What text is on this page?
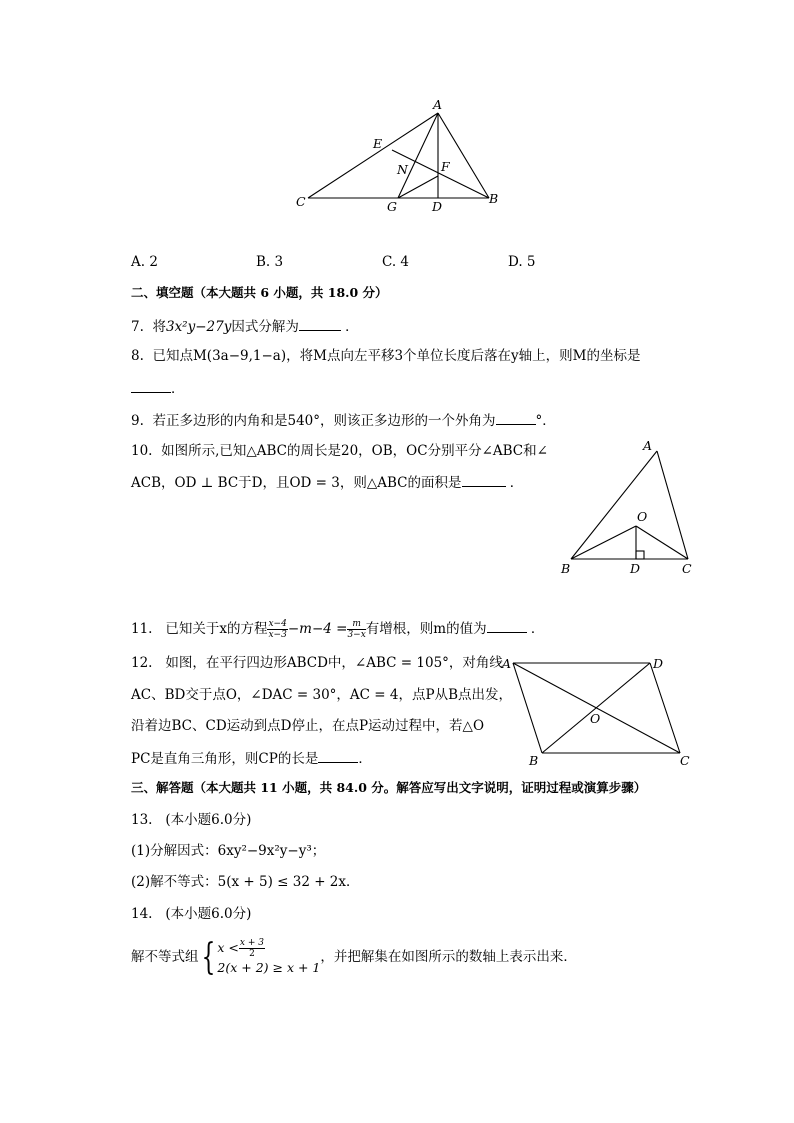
A
E
N	F
C	G	D
B
A. 2	B. 3	C. 4	D. 5
二、填空题（本大题共 6 小题，共 18.0 分）
7. 将3x²y−27y因式分解为	．
8. 已知点M(3a−9,1−a)，将M点向左平移3个单位长度后落在y轴上，则M的坐标是
．
9. 若正多边形的内角和是540°，则该正多边形的一个外角为	°．
10. 如图所示,已知△ABC的周长是20，OB，OC分别平分∠ABC和∠
ACB，OD ⊥ BC于D，且OD = 3，则△ABC的面积是	．
A
O
B	D	C
11. 已知关于x的方程 $\frac{x-4}{x-3} -m-4 = \frac{m}{3-x}$ 有增根，则m的值为	．
12. 如图，在平行四边形ABCD中，∠ABC = 105°，对角线
AC、BD交于点O，∠DAC = 30°，AC = 4，点P从B点出发，
沿着边BC、CD运动到点D停止，在点P运动过程中，若△O
PC是直角三角形，则CP的长是	．
A	D
O
B	C
三、解答题（本大题共 11 小题，共 84.0 分。解答应写出文字说明，证明过程或演算步骤）
13. (本小题6.0分)
(1)分解因式：6xy²−9x²y−y³；
(2)解不等式：5(x + 5) ≤ 32 + 2x．
14. (本小题6.0分)
解不等式组{ $x < \frac{x + 3}{2}$
2(x + 2) ≥ x + 1
，并把解集在如图所示的数轴上表示出来．
